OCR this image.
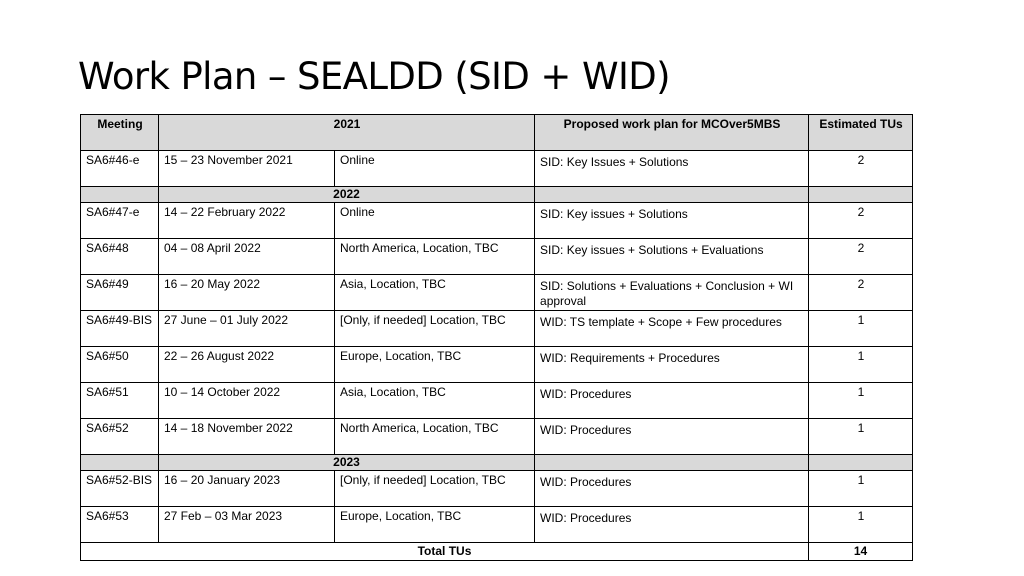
Work Plan – SEALDD (SID + WID)
Meeting	2021		Proposed work plan for MCOver5MBS	Estimated TUs
SA6#46-e	15 – 23 November 2021	Online	SID: Key Issues + Solutions	2
	2022			
SA6#47-e	14 – 22 February 2022	Online	SID: Key issues + Solutions	2
SA6#48	04 – 08 April 2022	North America, Location, TBC	SID: Key issues + Solutions + Evaluations	2
SA6#49	16 – 20 May 2022	Asia, Location, TBC	SID: Solutions + Evaluations + Conclusion + WI approval	2
SA6#49-BIS	27 June – 01 July 2022	[Only, if needed] Location, TBC	WID: TS template + Scope + Few procedures	1
SA6#50	22 – 26 August 2022	Europe, Location, TBC	WID: Requirements + Procedures	1
SA6#51	10 – 14 October 2022	Asia, Location, TBC	WID: Procedures	1
SA6#52	14 – 18 November 2022	North America, Location, TBC	WID: Procedures	1
	2023			
SA6#52-BIS	16 – 20 January 2023	[Only, if needed] Location, TBC	WID: Procedures	1
SA6#53	27 Feb – 03 Mar 2023	Europe, Location, TBC	WID: Procedures	1
Total TUs				14
